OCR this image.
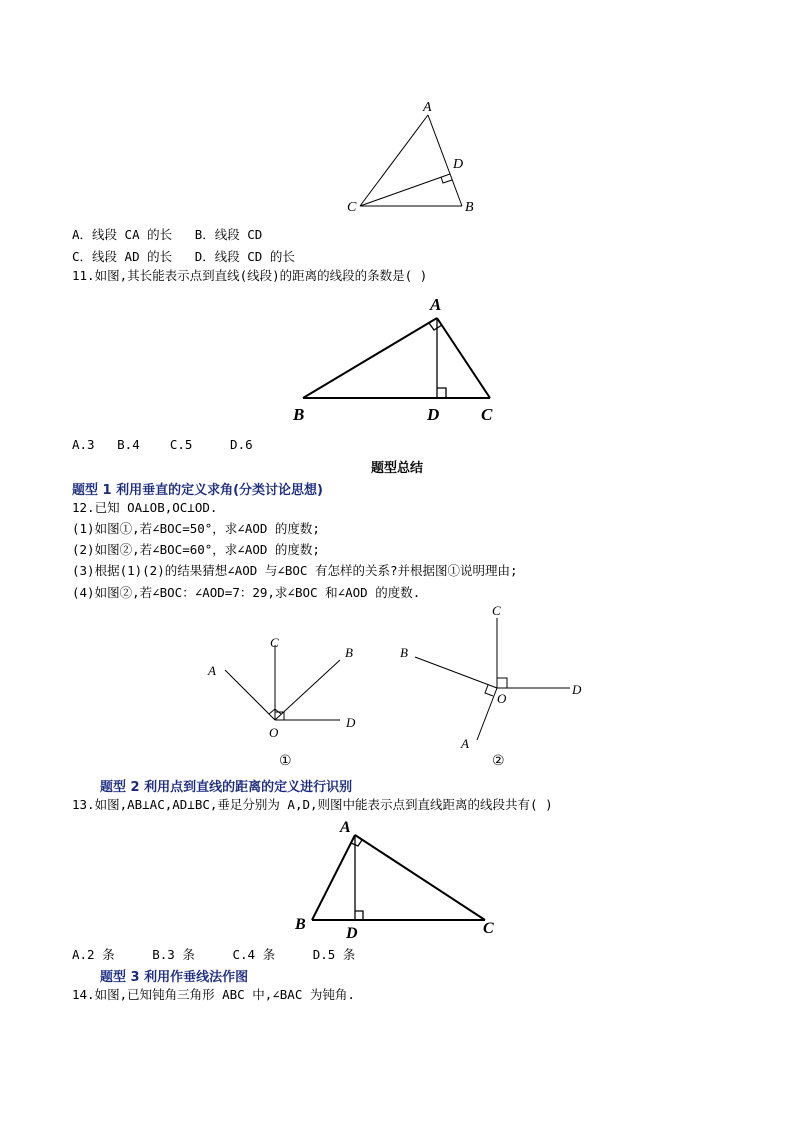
A
D
C	B
A．线段 CA 的长   B．线段 CD
C．线段 AD 的长   D．线段 CD 的长
11.如图,其长能表示点到直线(线段)的距离的线段的条数是( )
A
B	D C
A.3   B.4    C.5     D.6
题型总结
题型 1 利用垂直的定义求角(分类讨论思想)
12.已知 OA⊥OB,OC⊥OD.
(1)如图①,若∠BOC=50°，求∠AOD 的度数;
(2)如图②,若∠BOC=60°，求∠AOD 的度数;
(3)根据(1)(2)的结果猜想∠AOD 与∠BOC 有怎样的关系?并根据图①说明理由;
(4)如图②,若∠BOC：∠AOD=7：29,求∠BOC 和∠AOD 的度数.
A
C
B
D
O
①
C
B
D
O
A
②
题型 2 利用点到直线的距离的定义进行识别
13.如图,AB⊥AC,AD⊥BC,垂足分别为 A,D,则图中能表示点到直线距离的线段共有( )
A
B
D	C
A.2 条     B.3 条     C.4 条     D.5 条
题型 3 利用作垂线法作图
14.如图,已知钝角三角形 ABC 中,∠BAC 为钝角.
